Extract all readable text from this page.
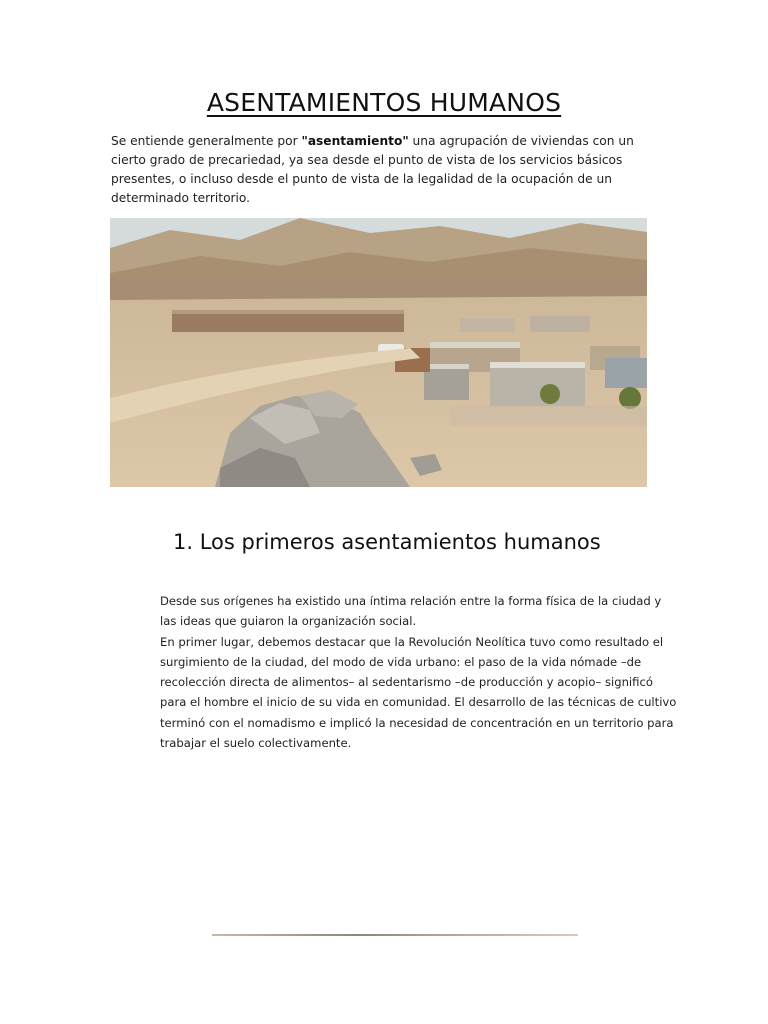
ASENTAMIENTOS HUMANOS
Se entiende generalmente por "asentamiento" una agrupación de viviendas con un cierto grado de precariedad, ya sea desde el punto de vista de los servicios básicos presentes, o incluso desde el punto de vista de la legalidad de la ocupación de un determinado territorio.
1. Los primeros asentamientos humanos

Desde sus orígenes ha existido una íntima relación entre la forma física de la ciudad y las ideas que guiaron la organización social.

En primer lugar, debemos destacar que la Revolución Neolítica tuvo como resultado el surgimiento de la ciudad, del modo de vida urbano: el paso de la vida nómade –de recolección directa de alimentos– al sedentarismo –de producción y acopio– significó para el hombre el inicio de su vida en comunidad. El desarrollo de las técnicas de cultivo terminó con el nomadismo e implicó la necesidad de concentración en un territorio para trabajar el suelo colectivamente.
